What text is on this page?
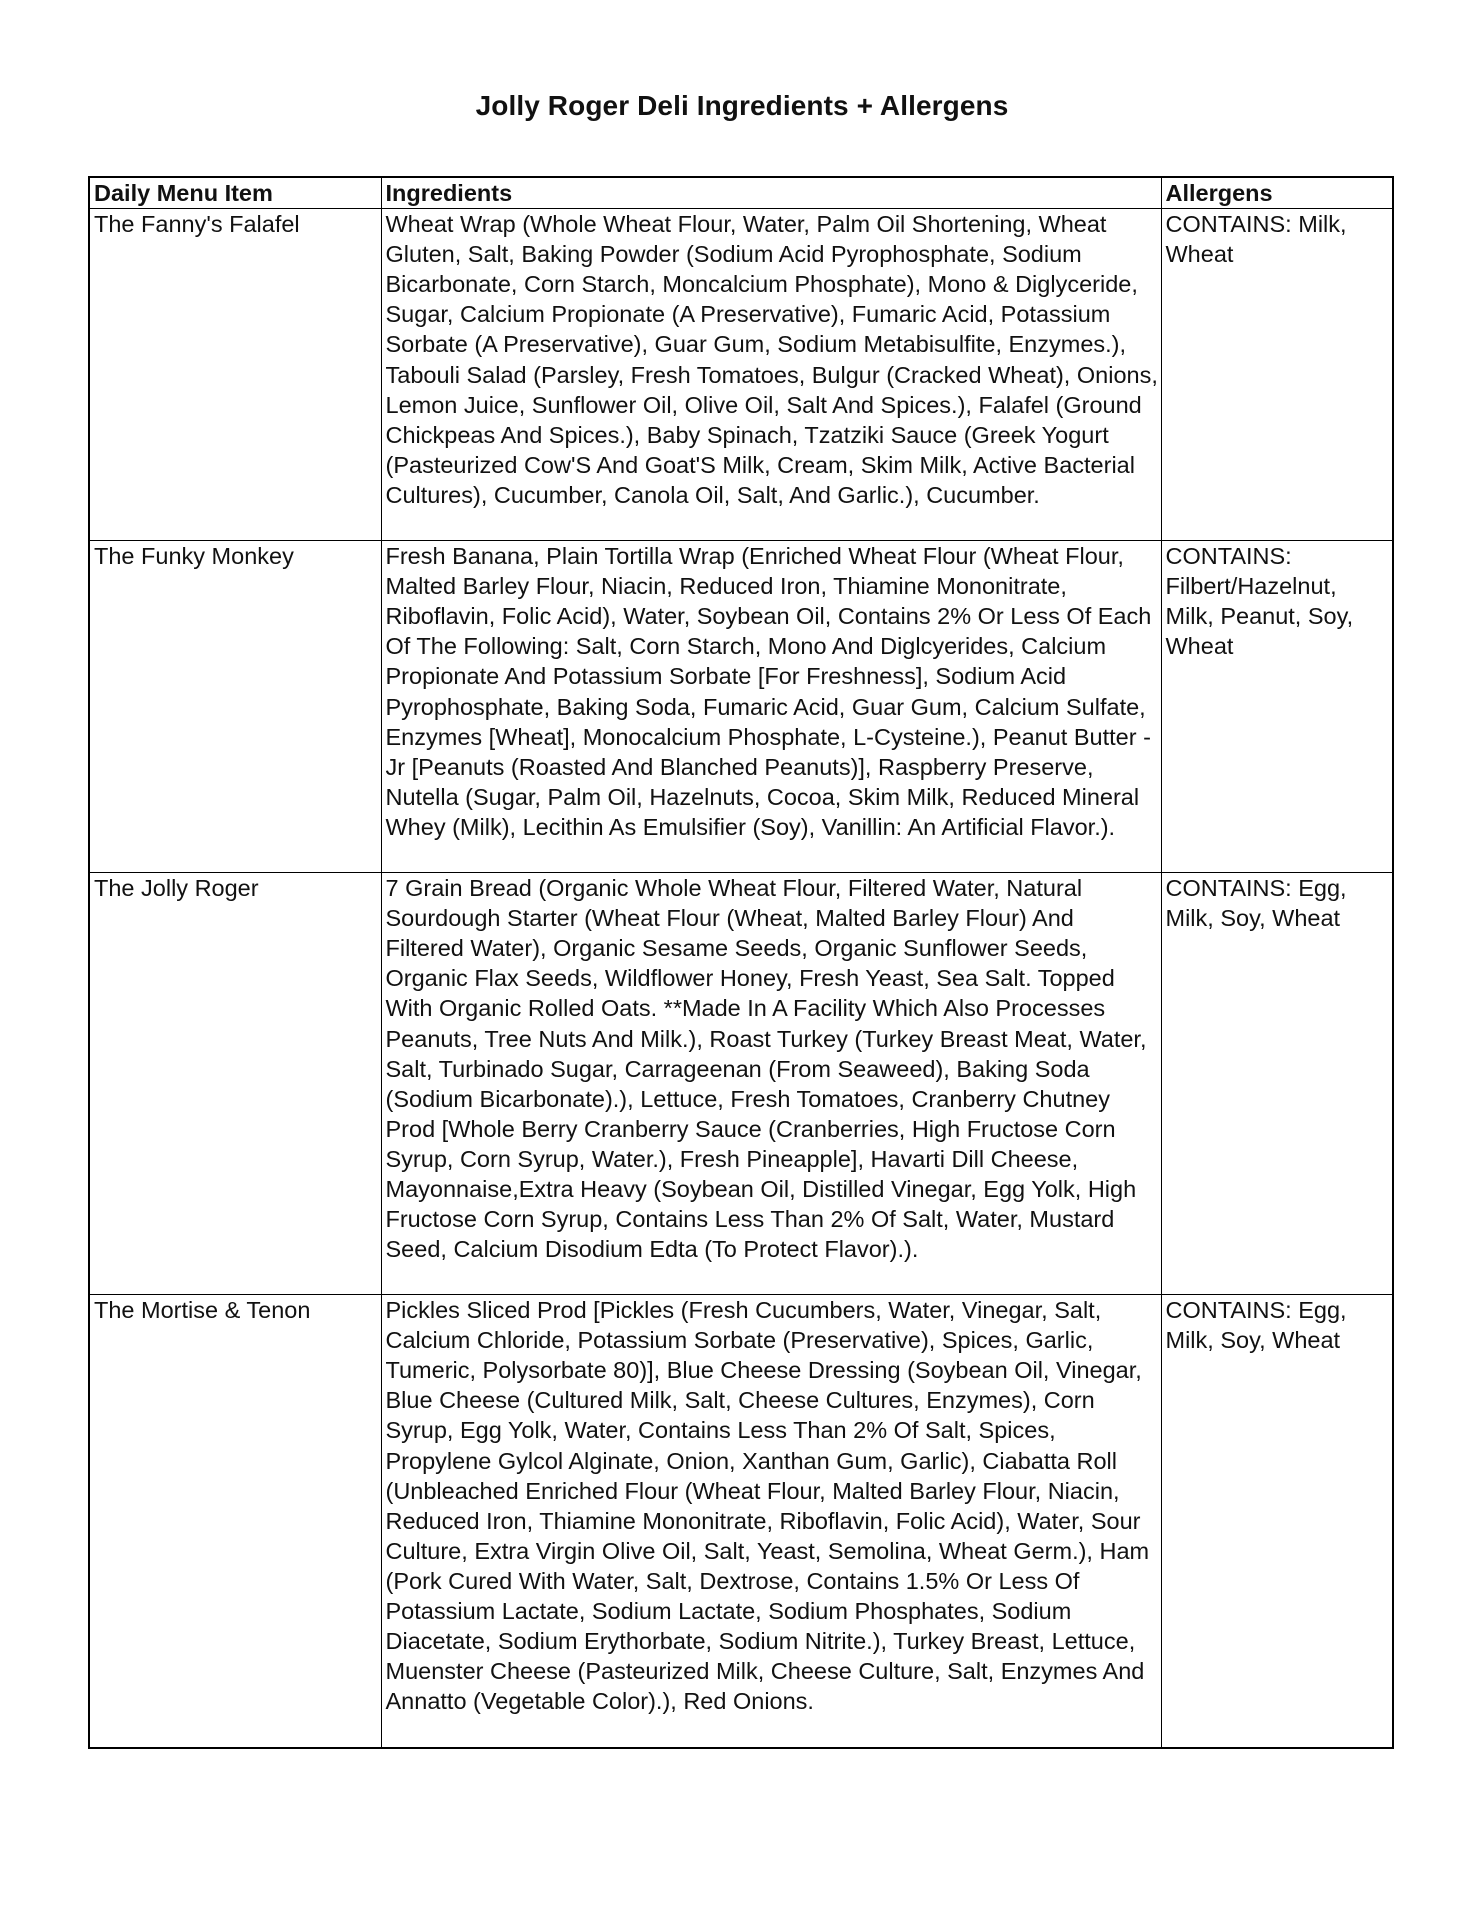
Jolly Roger Deli Ingredients + Allergens
Daily Menu Item	Ingredients	Allergens
The Fanny's Falafel	Wheat Wrap (Whole Wheat Flour, Water, Palm Oil Shortening, Wheat Gluten, Salt, Baking Powder (Sodium Acid Pyrophosphate, Sodium Bicarbonate, Corn Starch, Moncalcium Phosphate), Mono & Diglyceride, Sugar, Calcium Propionate (A Preservative), Fumaric Acid, Potassium Sorbate (A Preservative), Guar Gum, Sodium Metabisulfite, Enzymes.), Tabouli Salad (Parsley, Fresh Tomatoes, Bulgur (Cracked Wheat), Onions, Lemon Juice, Sunflower Oil, Olive Oil, Salt And Spices.), Falafel (Ground Chickpeas And Spices.), Baby Spinach, Tzatziki Sauce (Greek Yogurt (Pasteurized Cow'S And Goat'S Milk, Cream, Skim Milk, Active Bacterial Cultures), Cucumber, Canola Oil, Salt, And Garlic.), Cucumber.	CONTAINS: Milk, Wheat
The Funky Monkey	Fresh Banana, Plain Tortilla Wrap (Enriched Wheat Flour (Wheat Flour, Malted Barley Flour, Niacin, Reduced Iron, Thiamine Mononitrate, Riboflavin, Folic Acid), Water, Soybean Oil, Contains 2% Or Less Of Each Of The Following: Salt, Corn Starch, Mono And Diglcyerides, Calcium Propionate And Potassium Sorbate [For Freshness], Sodium Acid Pyrophosphate, Baking Soda, Fumaric Acid, Guar Gum, Calcium Sulfate, Enzymes [Wheat], Monocalcium Phosphate, L-Cysteine.), Peanut Butter - Jr [Peanuts (Roasted And Blanched Peanuts)], Raspberry Preserve, Nutella (Sugar, Palm Oil, Hazelnuts, Cocoa, Skim Milk, Reduced Mineral Whey (Milk), Lecithin As Emulsifier (Soy), Vanillin: An Artificial Flavor.).	CONTAINS: Filbert/Hazelnut, Milk, Peanut, Soy, Wheat
The Jolly Roger	7 Grain Bread (Organic Whole Wheat Flour, Filtered Water, Natural Sourdough Starter (Wheat Flour (Wheat, Malted Barley Flour) And Filtered Water), Organic Sesame Seeds, Organic Sunflower Seeds, Organic Flax Seeds, Wildflower Honey, Fresh Yeast, Sea Salt. Topped With Organic Rolled Oats. **Made In A Facility Which Also Processes Peanuts, Tree Nuts And Milk.), Roast Turkey (Turkey Breast Meat, Water, Salt, Turbinado Sugar, Carrageenan (From Seaweed), Baking Soda (Sodium Bicarbonate).), Lettuce, Fresh Tomatoes, Cranberry Chutney Prod [Whole Berry Cranberry Sauce (Cranberries, High Fructose Corn Syrup, Corn Syrup, Water.), Fresh Pineapple], Havarti Dill Cheese, Mayonnaise,Extra Heavy (Soybean Oil, Distilled Vinegar, Egg Yolk, High Fructose Corn Syrup, Contains Less Than 2% Of Salt, Water, Mustard Seed, Calcium Disodium Edta (To Protect Flavor).).	CONTAINS: Egg, Milk, Soy, Wheat
The Mortise & Tenon	Pickles Sliced Prod [Pickles (Fresh Cucumbers, Water, Vinegar, Salt, Calcium Chloride, Potassium Sorbate (Preservative), Spices, Garlic, Tumeric, Polysorbate 80)], Blue Cheese Dressing (Soybean Oil, Vinegar, Blue Cheese (Cultured Milk, Salt, Cheese Cultures, Enzymes), Corn Syrup, Egg Yolk, Water, Contains Less Than 2% Of Salt, Spices, Propylene Gylcol Alginate, Onion, Xanthan Gum, Garlic), Ciabatta Roll (Unbleached Enriched Flour (Wheat Flour, Malted Barley Flour, Niacin, Reduced Iron, Thiamine Mononitrate, Riboflavin, Folic Acid), Water, Sour Culture, Extra Virgin Olive Oil, Salt, Yeast, Semolina, Wheat Germ.), Ham (Pork Cured With Water, Salt, Dextrose, Contains 1.5% Or Less Of Potassium Lactate, Sodium Lactate, Sodium Phosphates, Sodium Diacetate, Sodium Erythorbate, Sodium Nitrite.), Turkey Breast, Lettuce, Muenster Cheese (Pasteurized Milk, Cheese Culture, Salt, Enzymes And Annatto (Vegetable Color).), Red Onions.	CONTAINS: Egg, Milk, Soy, Wheat
